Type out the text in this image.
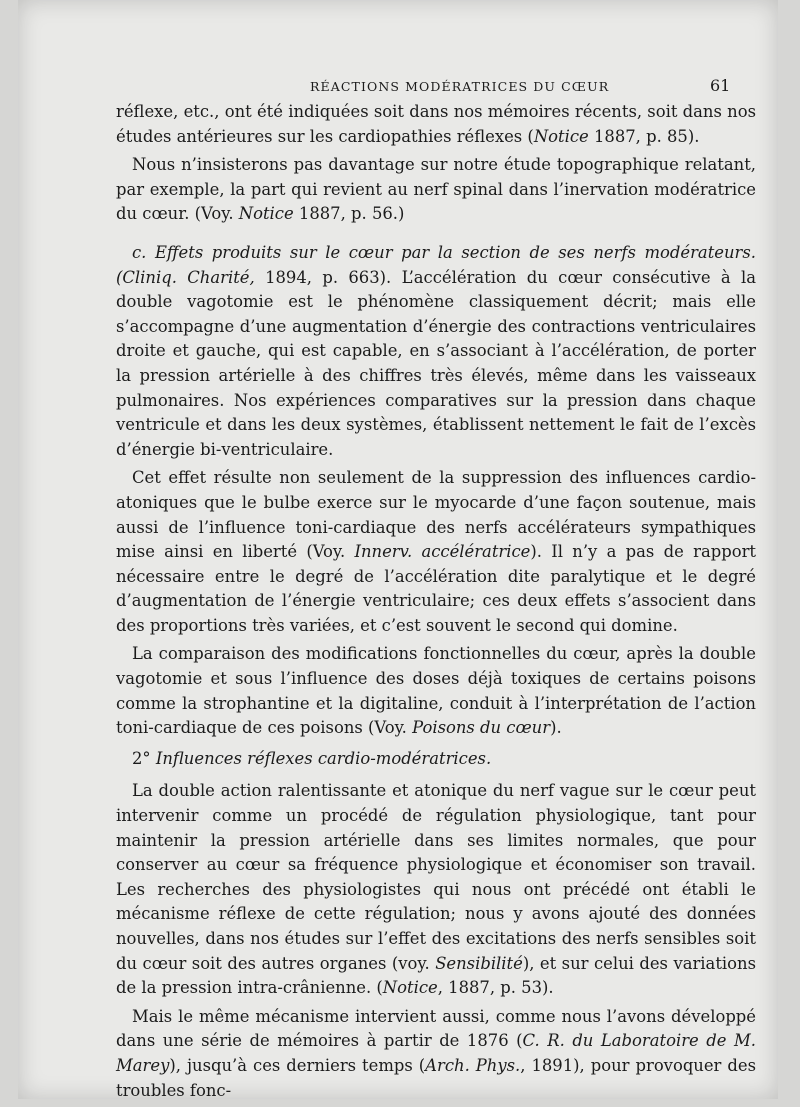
RÉACTIONS MODÉRATRICES DU CŒUR	61

réflexe, etc., ont été indiquées soit dans nos mémoires récents, soit dans nos études antérieures sur les cardiopathies réflexes (Notice 1887, p. 85).

Nous n’insisterons pas davantage sur notre étude topographique relatant, par exemple, la part qui revient au nerf spinal dans l’inervation modératrice du cœur. (Voy. Notice 1887, p. 56.)

c. Effets produits sur le cœur par la section de ses nerfs modérateurs. (Cliniq. Charité, 1894, p. 663). L’accélération du cœur consécutive à la double vagotomie est le phénomène classiquement décrit; mais elle s’accompagne d’une augmentation d’énergie des contractions ventriculaires droite et gauche, qui est capable, en s’associant à l’accélération, de porter la pression artérielle à des chiffres très élevés, même dans les vaisseaux pulmonaires. Nos expériences comparatives sur la pression dans chaque ventricule et dans les deux systèmes, établissent nettement le fait de l’excès d’énergie bi-ventriculaire.

Cet effet résulte non seulement de la suppression des influences cardio-atoniques que le bulbe exerce sur le myocarde d’une façon soutenue, mais aussi de l’influence toni-cardiaque des nerfs accélérateurs sympathiques mise ainsi en liberté (Voy. Innerv. accélératrice). Il n’y a pas de rapport nécessaire entre le degré de l’accélération dite paralytique et le degré d’augmentation de l’énergie ventriculaire; ces deux effets s’associent dans des proportions très variées, et c’est souvent le second qui domine.

La comparaison des modifications fonctionnelles du cœur, après la double vagotomie et sous l’influence des doses déjà toxiques de certains poisons comme la strophantine et la digitaline, conduit à l’interprétation de l’action toni-cardiaque de ces poisons (Voy. Poisons du cœur).

2° Influences réflexes cardio-modératrices.

La double action ralentissante et atonique du nerf vague sur le cœur peut intervenir comme un procédé de régulation physiologique, tant pour maintenir la pression artérielle dans ses limites normales, que pour conserver au cœur sa fréquence physiologique et économiser son travail. Les recherches des physiologistes qui nous ont précédé ont établi le mécanisme réflexe de cette régulation; nous y avons ajouté des données nouvelles, dans nos études sur l’effet des excitations des nerfs sensibles soit du cœur soit des autres organes (voy. Sensibilité), et sur celui des variations de la pression intra-crânienne. (Notice, 1887, p. 53).

Mais le même mécanisme intervient aussi, comme nous l’avons développé dans une série de mémoires à partir de 1876 (C. R. du Laboratoire de M. Marey), jusqu’à ces derniers temps (Arch. Phys., 1891), pour provoquer des troubles fonc-
